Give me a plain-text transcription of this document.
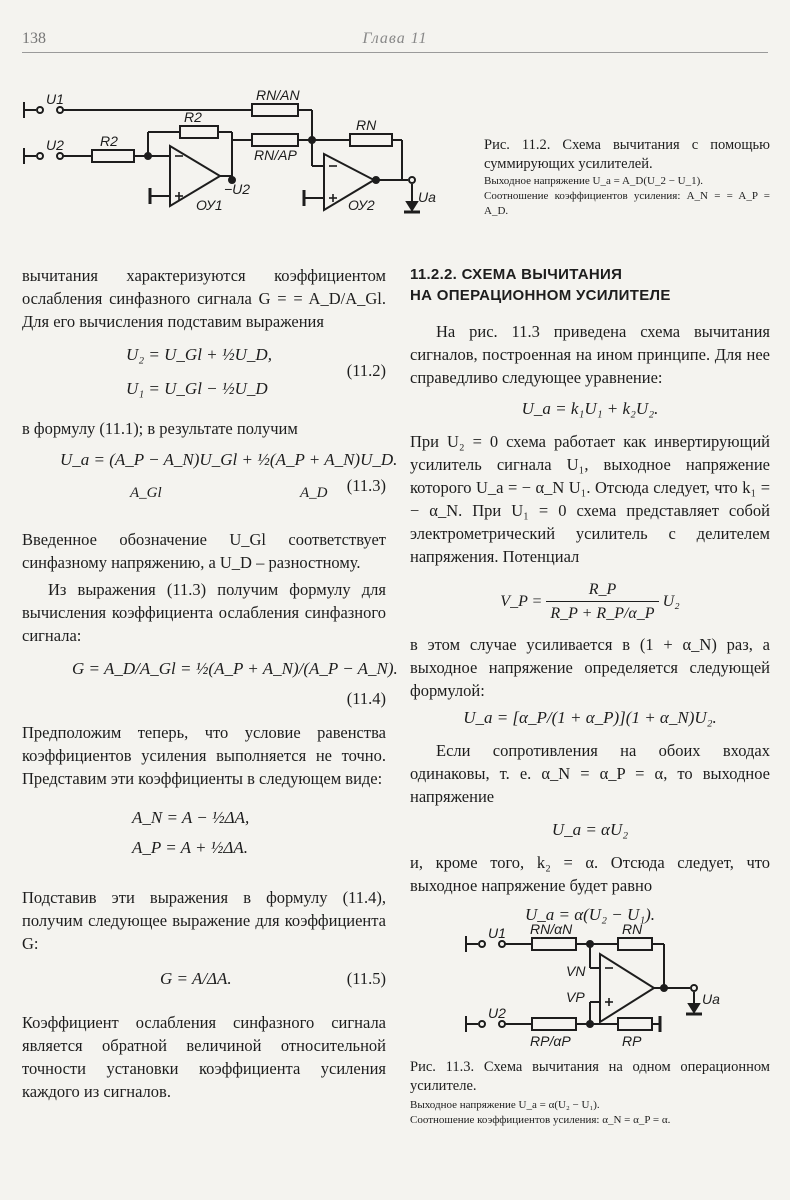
138	Глава 11
U1
U2	R2
R2
RN/AN
RN/AP
RN
−U2
ОУ1	ОУ2	Ua

Рис. 11.2. Схема вычитания с помощью суммирующих усилителей.

Выходное напряжение U_a = A_D(U_2 − U_1).

Соотношение коэффициентов усиления: A_N = = A_P = A_D.

вычитания характеризуются коэффициентом ослабления синфазного сигнала G = = A_D/A_Gl. Для его вычисления подставим выражения

U₂ = U_Gl + ½U_D,
U₁ = U_Gl − ½U_D
(11.2)

в формулу (11.1); в результате получим

U_a = (A_P − A_N)U_Gl + ½(A_P + A_N)U_D.
A_Gl	A_D (11.3)

Введенное обозначение U_Gl соответствует синфазному напряжению, а U_D – разностному.

Из выражения (11.3) получим формулу для вычисления коэффициента ослабления синфазного сигнала:

G = A_D/A_Gl = ½(A_P + A_N)/(A_P − A_N).
(11.4)

Предположим теперь, что условие равенства коэффициентов усиления выполняется не точно. Представим эти коэффициенты в следующем виде:

A_N = A − ½ΔA,
A_P = A + ½ΔA.

Подставив эти выражения в формулу (11.4), получим следующее выражение для коэффициента G:

G = A/ΔA.	(11.5)

Коэффициент ослабления синфазного сигнала является обратной величиной относительной точности установки коэффициента усиления каждого из сигналов.

11.2.2. СХЕМА ВЫЧИТАНИЯ
НА ОПЕРАЦИОННОМ УСИЛИТЕЛЕ

На рис. 11.3 приведена схема вычитания сигналов, построенная на ином принципе. Для нее справедливо следующее уравнение:

U_a = k₁U₁ + k₂U₂.

При U₂ = 0 схема работает как инвертирующий усилитель сигнала U₁, выходное напряжение которого U_a = − α_N U₁. Отсюда следует, что k₁ = − α_N. При U₁ = 0 схема представляет собой электрометрический усилитель с делителем напряжения. Потенциал

V_P = $\frac{R\_P}{R\_P + R\_P/\alpha\_P} U_2$

в этом случае усиливается в (1 + α_N) раз, а выходное напряжение определяется следующей формулой:

U_a = [α_P/(1 + α_P)](1 + α_N)U₂.

Если сопротивления на обоих входах одинаковы, т. е. α_N = α_P = α, то выходное напряжение

U_a = αU₂

и, кроме того, k₂ = α. Отсюда следует, что выходное напряжение будет равно

U_a = α(U₂ − U₁).
U1
U2
RN/αN	RN
VN
VP
RP/αP	RP
Ua

Рис. 11.3. Схема вычитания на одном операционном усилителе.

Выходное напряжение U_a = α(U₂ − U₁).

Соотношение коэффициентов усиления: α_N = α_P = α.
